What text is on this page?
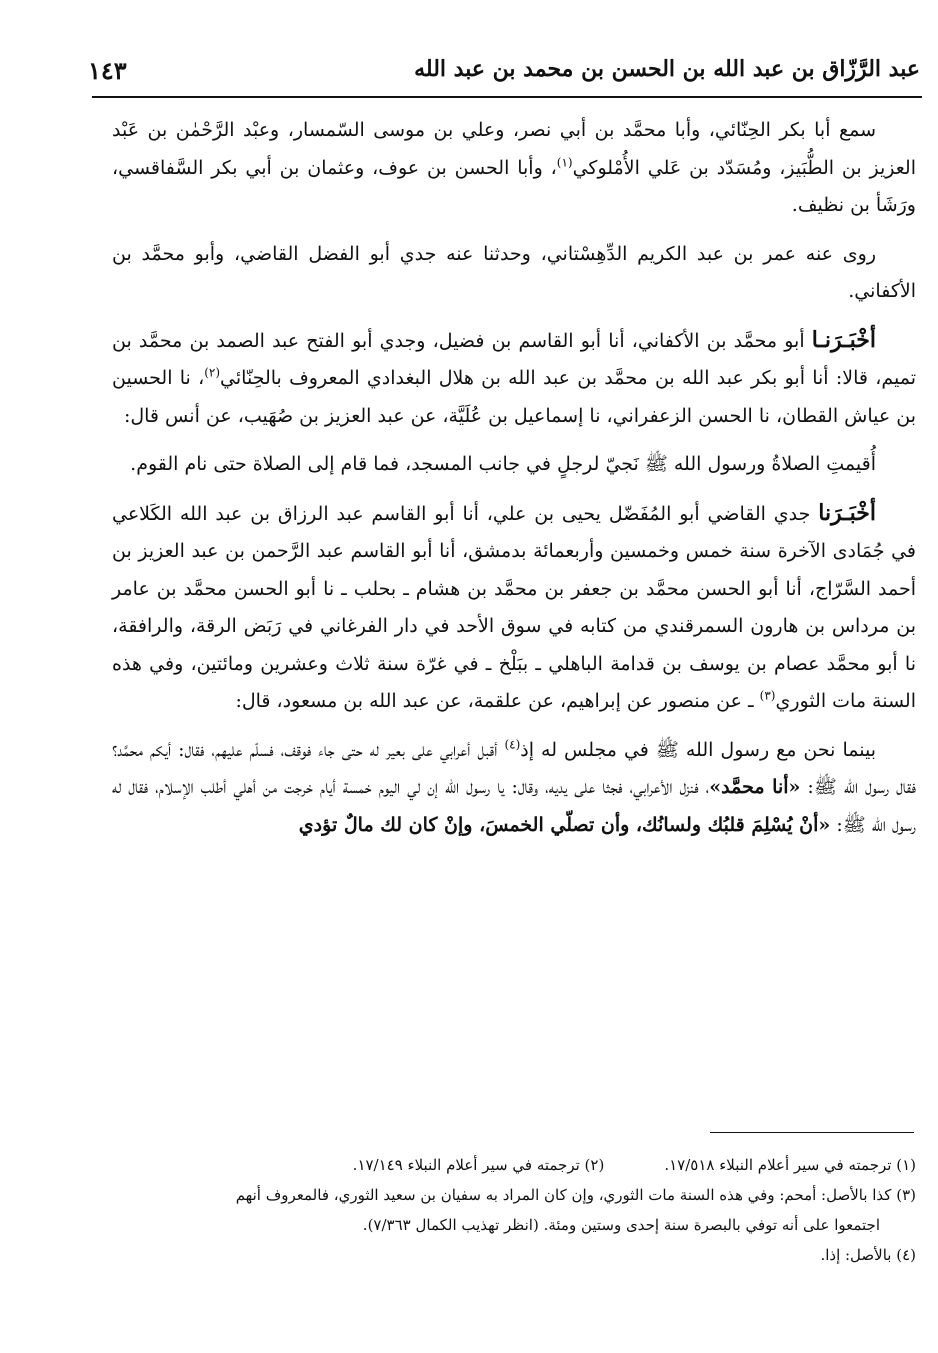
عبد الرَّزّاق بن عبد الله بن الحسن بن محمد بن عبد الله
١٤٣

سمع أبا بكر الحِنّائي، وأبا محمَّد بن أبي نصر، وعلي بن موسى السّمسار، وعبْد الرَّحْمٰن بن عَبْد العزيز بن الطُّبَيز، ومُسَدّد بن عَلي الأُمْلوكي$^{(١)}$، وأبا الحسن بن عوف، وعثمان بن أبي بكر السَّفاقسي، ورَشَأ بن نظيف.

روى عنه عمر بن عبد الكريم الدِّهِسْتاني، وحدثنا عنه جدي أبو الفضل القاضي، وأبو محمَّد بن الأكفاني.

أخْبَـرَنـا أبو محمَّد بن الأكفاني، أنا أبو القاسم بن فضيل، وجدي أبو الفتح عبد الصمد بن محمَّد بن تميم، قالا: أنا أبو بكر عبد الله بن محمَّد بن عبد الله بن هلال البغدادي المعروف بالحِنّائي$^{(٢)}$، نا الحسين بن عياش القطان، نا الحسن الزعفراني، نا إسماعيل بن عُلَيَّة، عن عبد العزيز بن صُهَيب، عن أنس قال:

أُقيمتِ الصلاةُ ورسول الله ﷺ نَجيّ لرجلٍ في جانب المسجد، فما قام إلى الصلاة حتى نام القوم.

أخْبَـرَنا جدي القاضي أبو المُفَضّل يحيى بن علي، أنا أبو القاسم عبد الرزاق بن عبد الله الكَلاعي في جُمَادى الآخرة سنة خمس وخمسين وأربعمائة بدمشق، أنا أبو القاسم عبد الرَّحمن بن عبد العزيز بن أحمد السَّرّاج، أنا أبو الحسن محمَّد بن جعفر بن محمَّد بن هشام ـ بحلب ـ نا أبو الحسن محمَّد بن عامر بن مرداس بن هارون السمرقندي من كتابه في سوق الأحد في دار الفرغاني في رَبَض الرقة، والرافقة، نا أبو محمَّد عصام بن يوسف بن قدامة الباهلي ـ ببَلْخ ـ في غرّة سنة ثلاث وعشرين ومائتين، وفي هذه السنة مات الثوري$^{(٣)}$ ـ عن منصور عن إبراهيم، عن علقمة، عن عبد الله بن مسعود، قال:

بينما نحن مع رسول الله ﷺ في مجلس له إذ$^{(٤)}$ أقبل أعرابي على بعير له حتى جاء فوقف، فسلّم عليهم، فقال: أيكم محمَّد؟ فقال رسول الله ﷺ: «أنا محمَّد»، فنزل الأعرابي، فجثا على يديه، وقال: يا رسول الله إن لي اليوم خمسة أيام خرجت من أهلي أطلب الإسلام، فقال له رسول الله ﷺ: «أنْ يُسْلِمَ قلبُك ولسانُك، وأن تصلّي الخمسَ، وإنْ كان لك مالٌ تؤدي

(١) ترجمته في سير أعلام النبلاء ١٧/٥١٨.(٢) ترجمته في سير أعلام النبلاء ١٧/١٤٩.

(٣) كذا بالأصل: أمحم: وفي هذه السنة مات الثوري، وإن كان المراد به سفيان بن سعيد الثوري، فالمعروف أنهم

اجتمعوا على أنه توفي بالبصرة سنة إحدى وستين ومئة. (انظر تهذيب الكمال ٧/٣٦٣).

(٤) بالأصل: إذا.
